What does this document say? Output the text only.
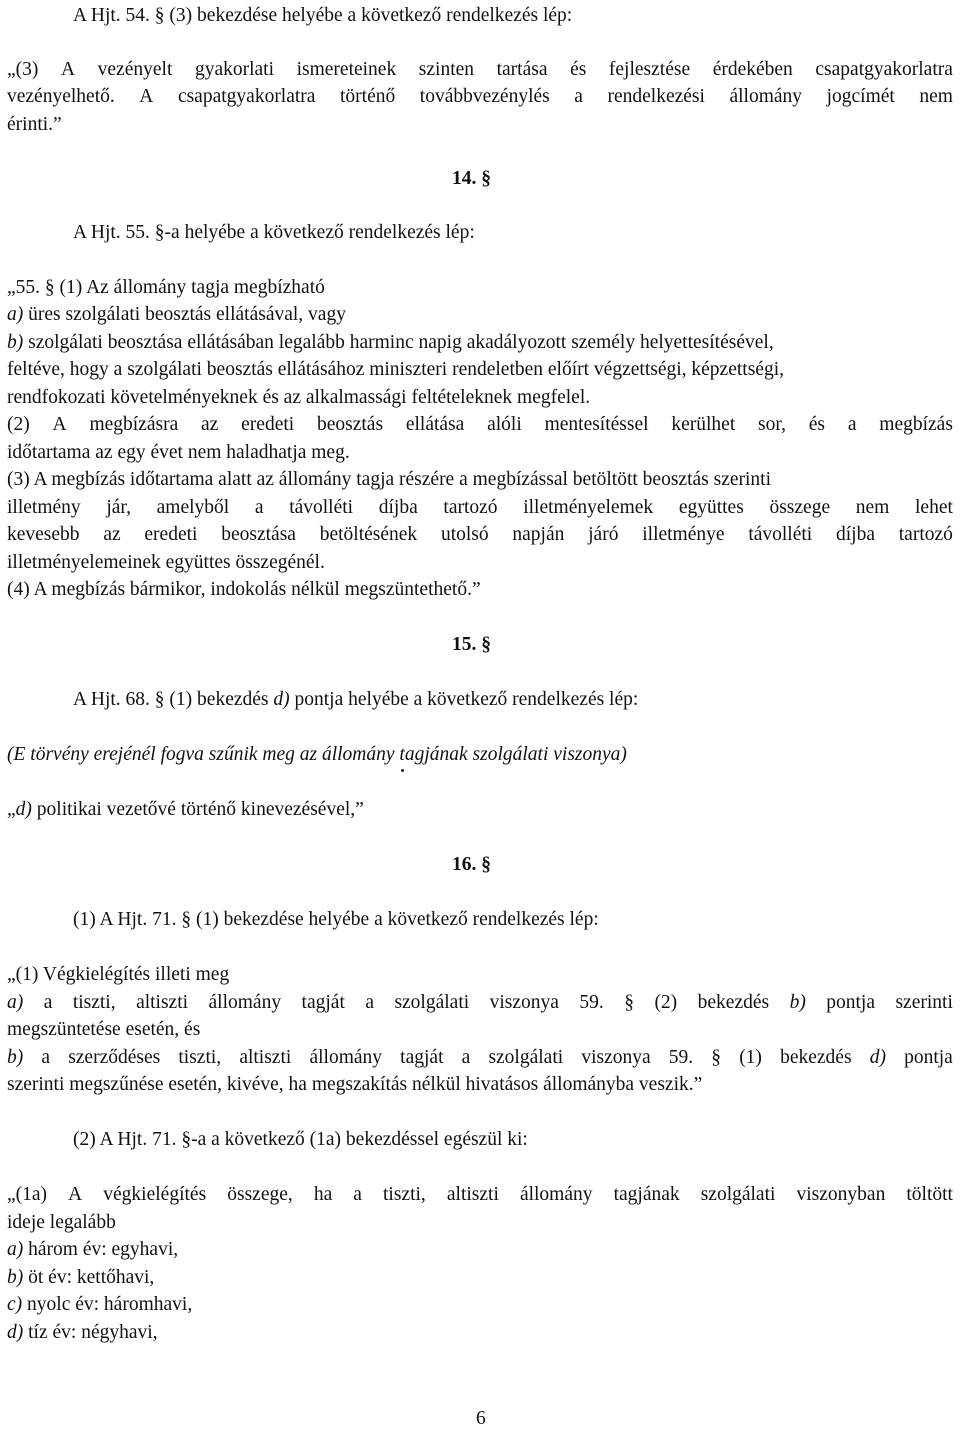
A Hjt. 54. § (3) bekezdése helyébe a következő rendelkezés lép:
„(3) A vezényelt gyakorlati ismereteinek szinten tartása és fejlesztése érdekében csapatgyakorlatra
vezényelhető. A csapatgyakorlatra történő továbbvezénylés a rendelkezési állomány jogcímét nem
érinti.”
14. §
A Hjt. 55. §-a helyébe a következő rendelkezés lép:
„55. § (1) Az állomány tagja megbízható
a) üres szolgálati beosztás ellátásával, vagy
b) szolgálati beosztása ellátásában legalább harminc napig akadályozott személy helyettesítésével,
feltéve, hogy a szolgálati beosztás ellátásához miniszteri rendeletben előírt végzettségi, képzettségi,
rendfokozati követelményeknek és az alkalmassági feltételeknek megfelel.
(2) A megbízásra az eredeti beosztás ellátása alóli mentesítéssel kerülhet sor, és a megbízás
időtartama az egy évet nem haladhatja meg.
(3) A megbízás időtartama alatt az állomány tagja részére a megbízással betöltött beosztás szerinti
illetmény jár, amelyből a távolléti díjba tartozó illetményelemek együttes összege nem lehet
kevesebb az eredeti beosztása betöltésének utolsó napján járó illetménye távolléti díjba tartozó
illetményelemeinek együttes összegénél.
(4) A megbízás bármikor, indokolás nélkül megszüntethető.”
15. §
A Hjt. 68. § (1) bekezdés d) pontja helyébe a következő rendelkezés lép:
(E törvény erejénél fogva szűnik meg az állomány tagjának szolgálati viszonya)
„d) politikai vezetővé történő kinevezésével,”
16. §
(1) A Hjt. 71. § (1) bekezdése helyébe a következő rendelkezés lép:
„(1) Végkielégítés illeti meg
a) a tiszti, altiszti állomány tagját a szolgálati viszonya 59. § (2) bekezdés b) pontja szerinti
megszüntetése esetén, és
b) a szerződéses tiszti, altiszti állomány tagját a szolgálati viszonya 59. § (1) bekezdés d) pontja
szerinti megszűnése esetén, kivéve, ha megszakítás nélkül hivatásos állományba veszik.”
(2) A Hjt. 71. §-a a következő (1a) bekezdéssel egészül ki:
„(1a) A végkielégítés összege, ha a tiszti, altiszti állomány tagjának szolgálati viszonyban töltött
ideje legalább
a) három év: egyhavi,
b) öt év: kettőhavi,
c) nyolc év: háromhavi,
d) tíz év: négyhavi,
6
